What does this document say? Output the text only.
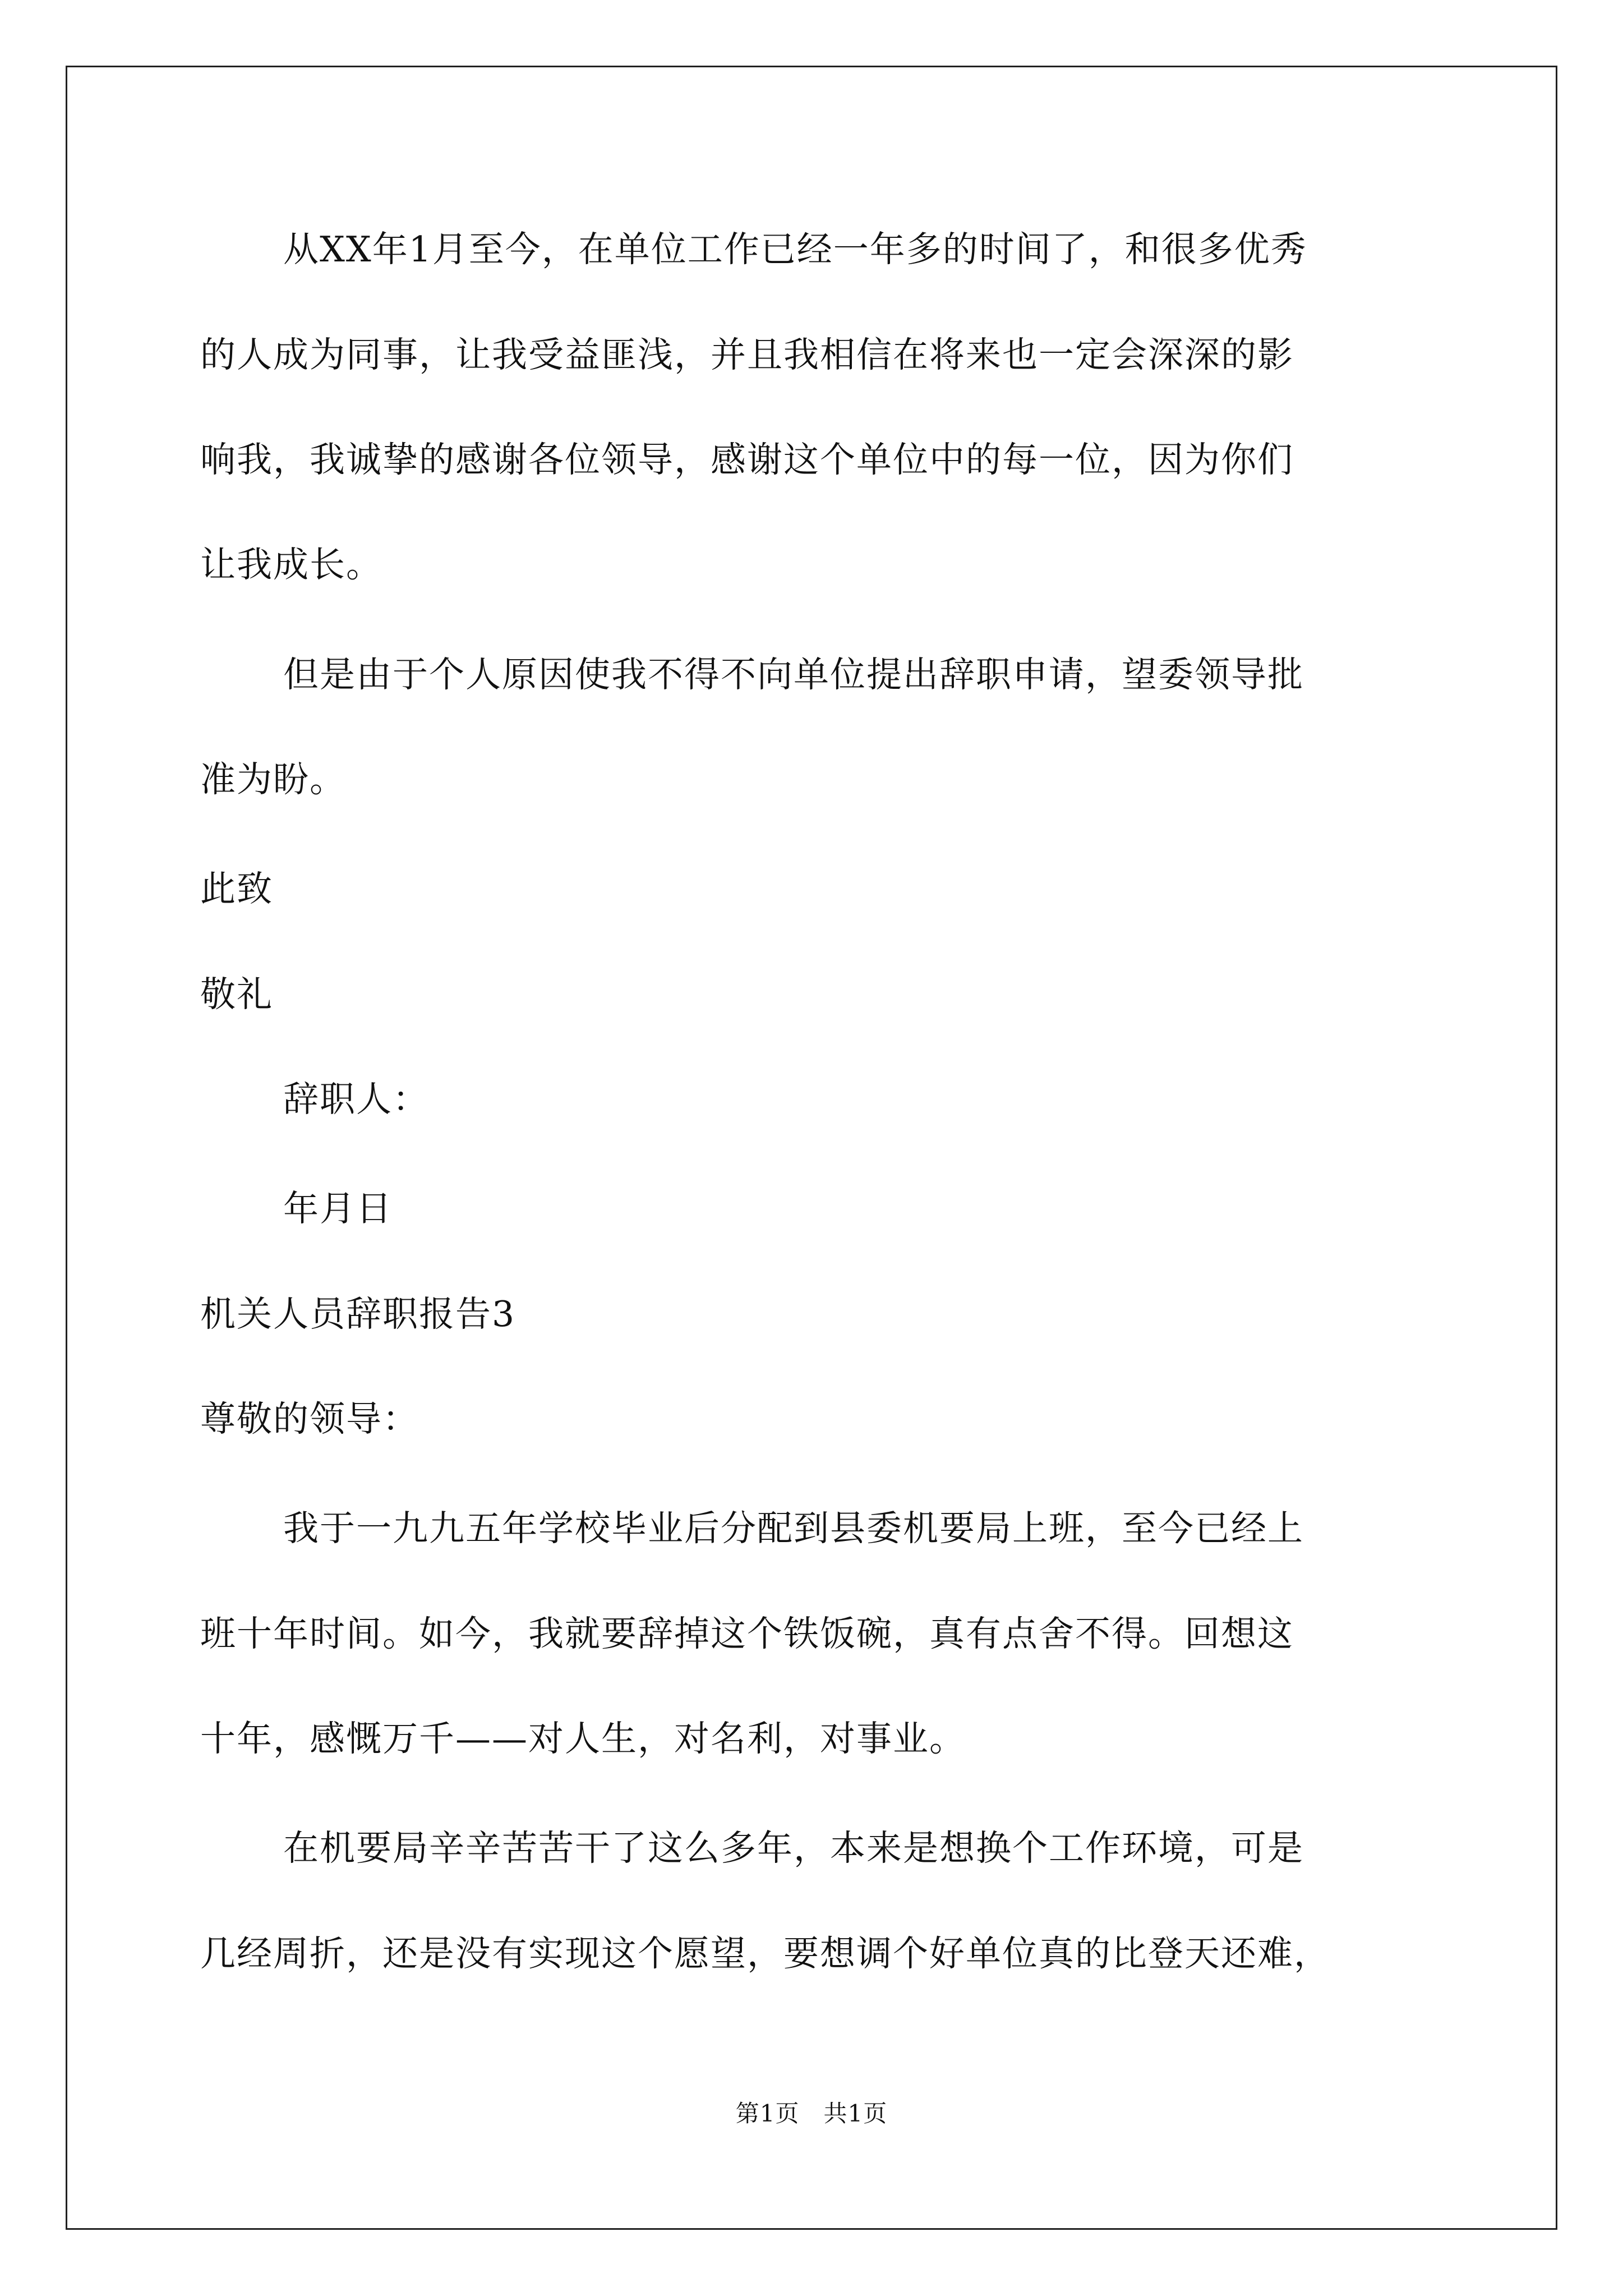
从XX年1月至今，在单位工作已经一年多的时间了，和很多优秀
的人成为同事，让我受益匪浅，并且我相信在将来也一定会深深的影
响我，我诚挚的感谢各位领导，感谢这个单位中的每一位，因为你们
让我成长。
但是由于个人原因使我不得不向单位提出辞职申请，望委领导批
准为盼。
此致
敬礼
辞职人：
年月日
机关人员辞职报告3
尊敬的领导：
我于一九九五年学校毕业后分配到县委机要局上班，至今已经上
班十年时间。如今，我就要辞掉这个铁饭碗，真有点舍不得。回想这
十年，感慨万千——对人生，对名利，对事业。
在机要局辛辛苦苦干了这么多年，本来是想换个工作环境，可是
几经周折，还是没有实现这个愿望，要想调个好单位真的比登天还难，
第1页   共1页
